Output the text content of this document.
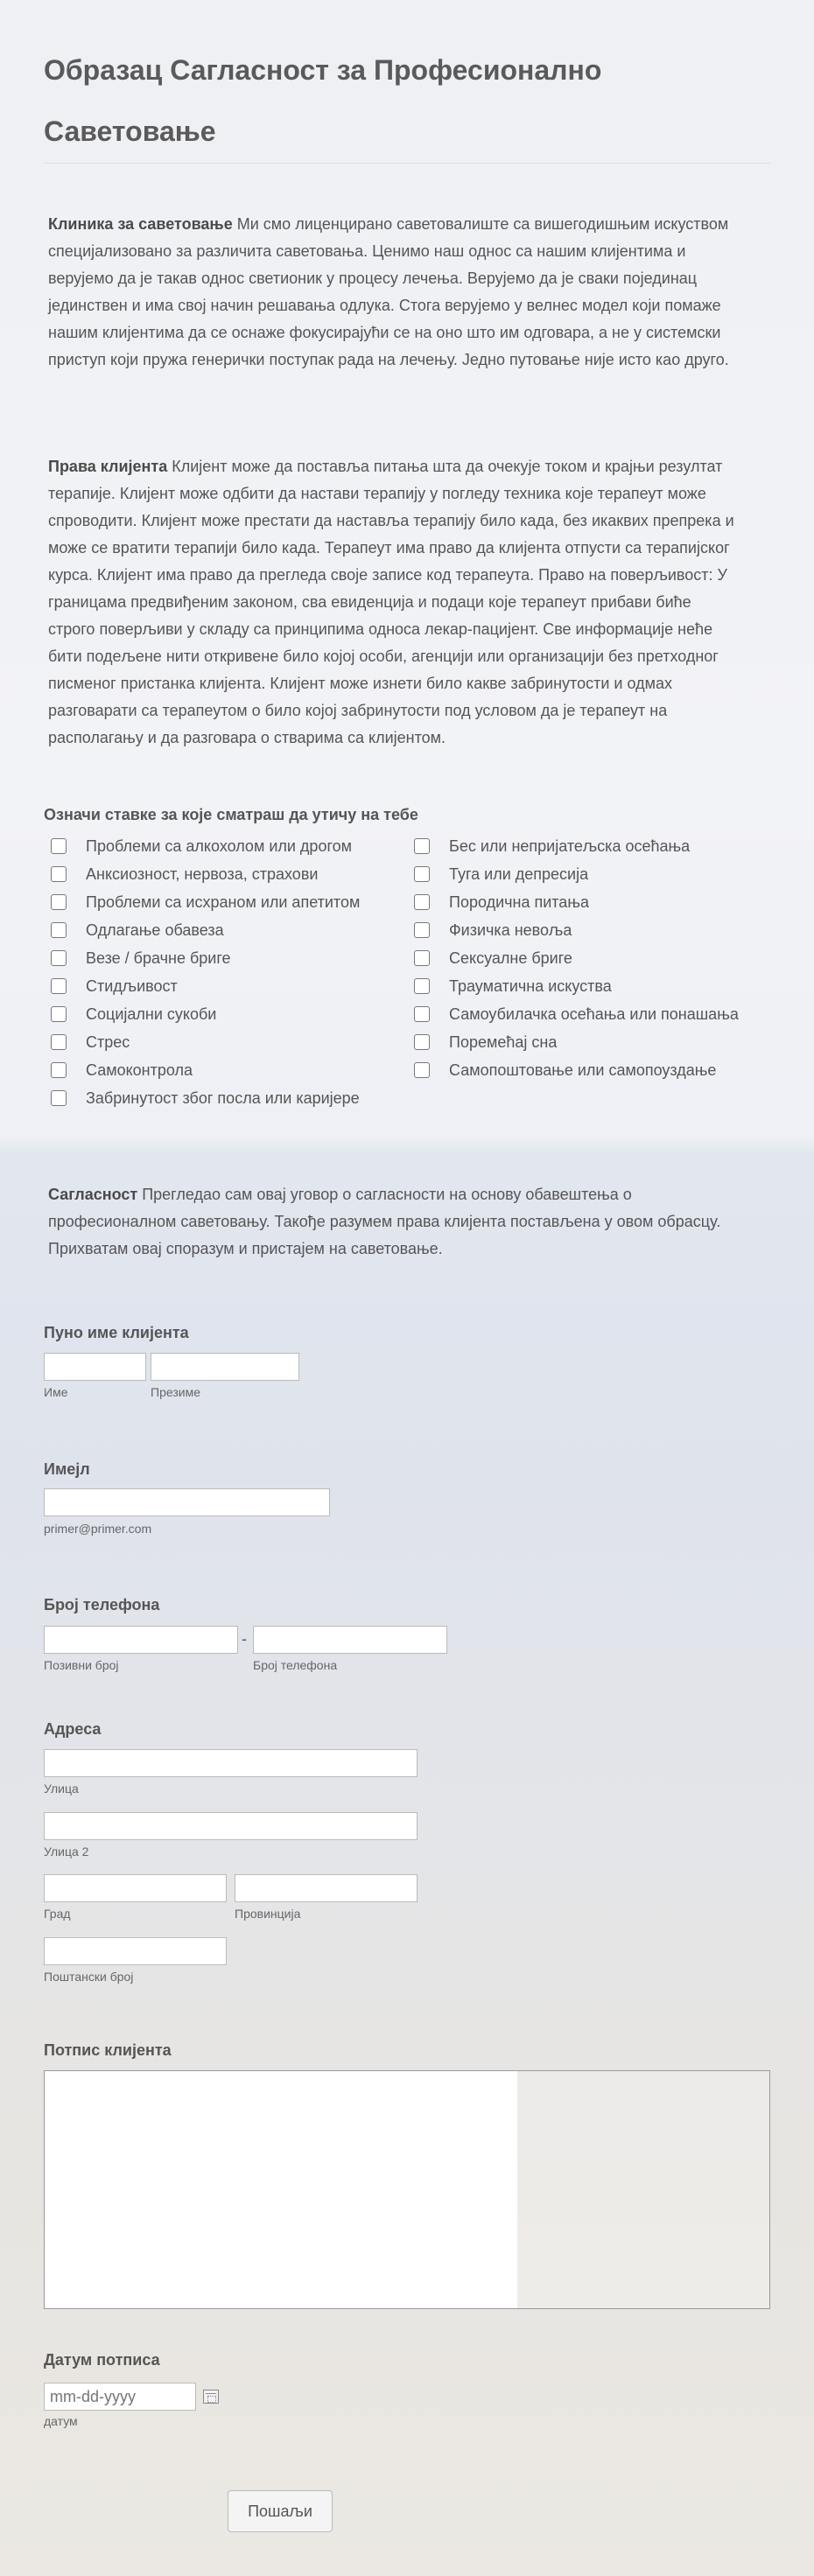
Образац Сагласност за Професионално
Саветовање
Клиника за саветовање Ми смо лиценцирано саветовалиште са вишегодишњим искуством
специјализовано за различита саветовања. Ценимо наш однос са нашим клијентима и
верујемо да је такав однос светионик у процесу лечења. Верујемо да је сваки појединац
јединствен и има свој начин решавања одлука. Стога верујемо у велнес модел који помаже
нашим клијентима да се оснаже фокусирајући се на оно што им одговара, а не у системски
приступ који пружа генерички поступак рада на лечењу. Једно путовање није исто као друго.
Права клијента Клијент може да поставља питања шта да очекује током и крајњи резултат
терапије. Клијент може одбити да настави терапију у погледу техника које терапеут може
спроводити. Клијент може престати да наставља терапију било када, без икаквих препрека и
може се вратити терапији било када. Терапеут има право да клијента отпусти са терапијског
курса. Клијент има право да прегледа своје записе код терапеута. Право на поверљивост: У
границама предвиђеним законом, сва евиденција и подаци које терапеут прибави биће
строго поверљиви у складу са принципима односа лекар-пацијент. Све информације неће
бити подељене нити откривене било којој особи, агенцији или организацији без претходног
писменог пристанка клијента. Клијент може изнети било какве забринутости и одмах
разговарати са терапеутом о било којој забринутости под условом да је терапеут на
располагању и да разговара о стварима са клијентом.
Означи ставке за које сматраш да утичу на тебе
Проблеми са алкохолом или дрогом
Анксиозност, нервоза, страхови
Проблеми са исхраном или апетитом
Одлагање обавеза
Везе / брачне бриге
Стидљивост
Социјални сукоби
Стрес
Самоконтрола
Забринутост због посла или каријере
Бес или непријатељска осећања
Туга или депресија
Породична питања
Физичка невоља
Сексуалне бриге
Трауматична искуства
Самоубилачка осећања или понашања
Поремећај сна
Самопоштовање или самопоуздање
Сагласност Прегледао сам овај уговор о сагласности на основу обавештења о
професионалном саветовању. Такође разумем права клијента постављена у овом обрасцу.
Прихватам овај споразум и пристајем на саветовање.
Пуно име клијента
Име	Презиме
Имејл
primer@primer.com
Број телефона
-
Позивни број	Број телефона
Адреса
Улица
Улица 2
Град	Провинција
Поштански број
Потпис клијента
Датум потписа
mm-dd-yyyy
датум
Пошаљи
